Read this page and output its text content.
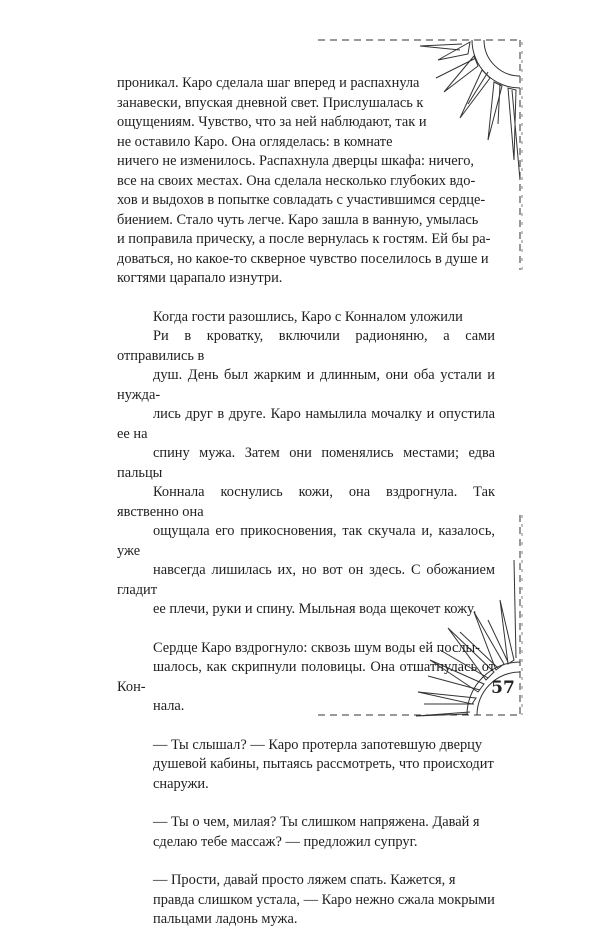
проникал. Каро сделала шаг вперед и распахнула
занавески, впуская дневной свет. Прислушалась к
ощущениям. Чувство, что за ней наблюдают, так и
не оставило Каро. Она огляделась: в комнате
ничего не изменилось. Распахнула дверцы шкафа: ничего,
все на своих местах. Она сделала несколько глубоких вдо-
хов и выдохов в попытке совладать с участившимся сердце-
биением. Стало чуть легче. Каро зашла в ванную, умылась
и поправила прическу, а после вернулась к гостям. Ей бы ра-
доваться, но какое-то скверное чувство поселилось в душе и
когтями царапало изнутри.

Когда гости разошлись, Каро с Конналом уложили
Ри в кроватку, включили радионяню, а сами отправились в
душ. День был жарким и длинным, они оба устали и нужда-
лись друг в друге. Каро намылила мочалку и опустила ее на
спину мужа. Затем они поменялись местами; едва пальцы
Коннала коснулись кожи, она вздрогнула. Так явственно она
ощущала его прикосновения, так скучала и, казалось, уже
навсегда лишилась их, но вот он здесь. С обожанием гладит
ее плечи, руки и спину. Мыльная вода щекочет кожу.

Сердце Каро вздрогнуло: сквозь шум воды ей послы-
шалось, как скрипнули половицы. Она отшатнулась от Кон-
нала.

— Ты слышал? — Каро протерла запотевшую дверцу
душевой кабины, пытаясь рассмотреть, что происходит
снаружи.

— Ты о чем, милая? Ты слишком напряжена. Давай я
сделаю тебе массаж? — предложил супруг.

— Прости, давай просто ляжем спать. Кажется, я
правда слишком устала, — Каро нежно сжала мокрыми
пальцами ладонь мужа.

57
